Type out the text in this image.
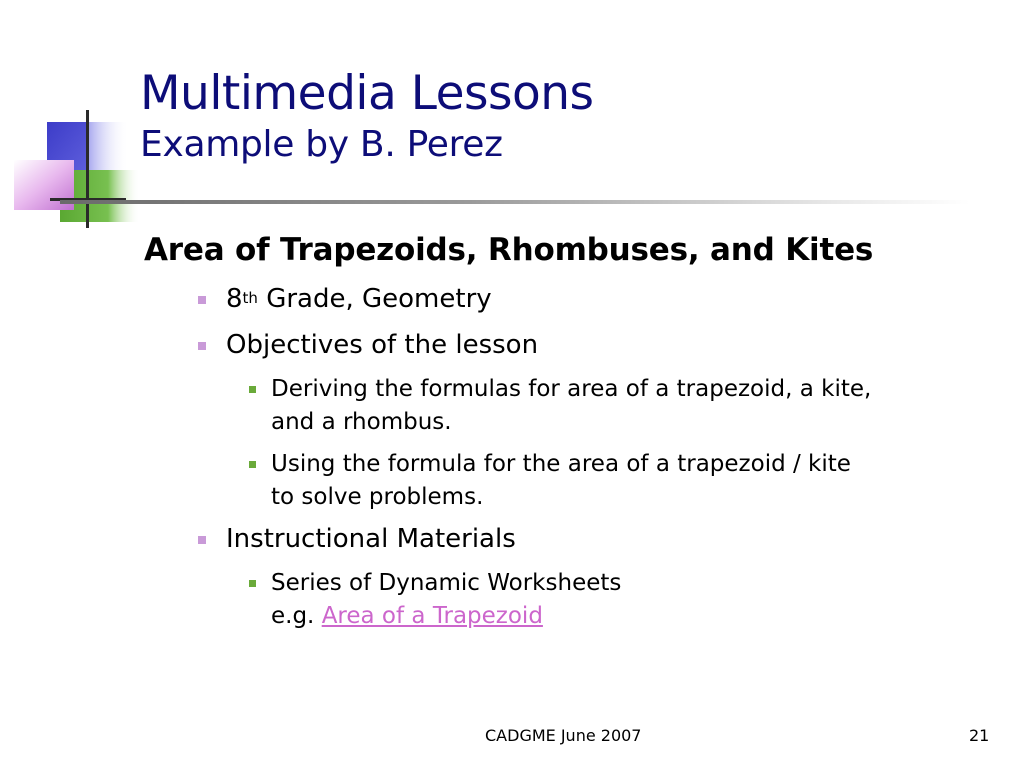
Multimedia Lessons
Example by B. Perez
Area of Trapezoids, Rhombuses, and Kites
8th Grade, Geometry
Objectives of the lesson
Deriving the formulas for area of a trapezoid, a kite,
and a rhombus.
Using the formula for the area of a trapezoid / kite
to solve problems.
Instructional Materials
Series of Dynamic Worksheets
e.g. Area of a Trapezoid
CADGME June 2007	21
